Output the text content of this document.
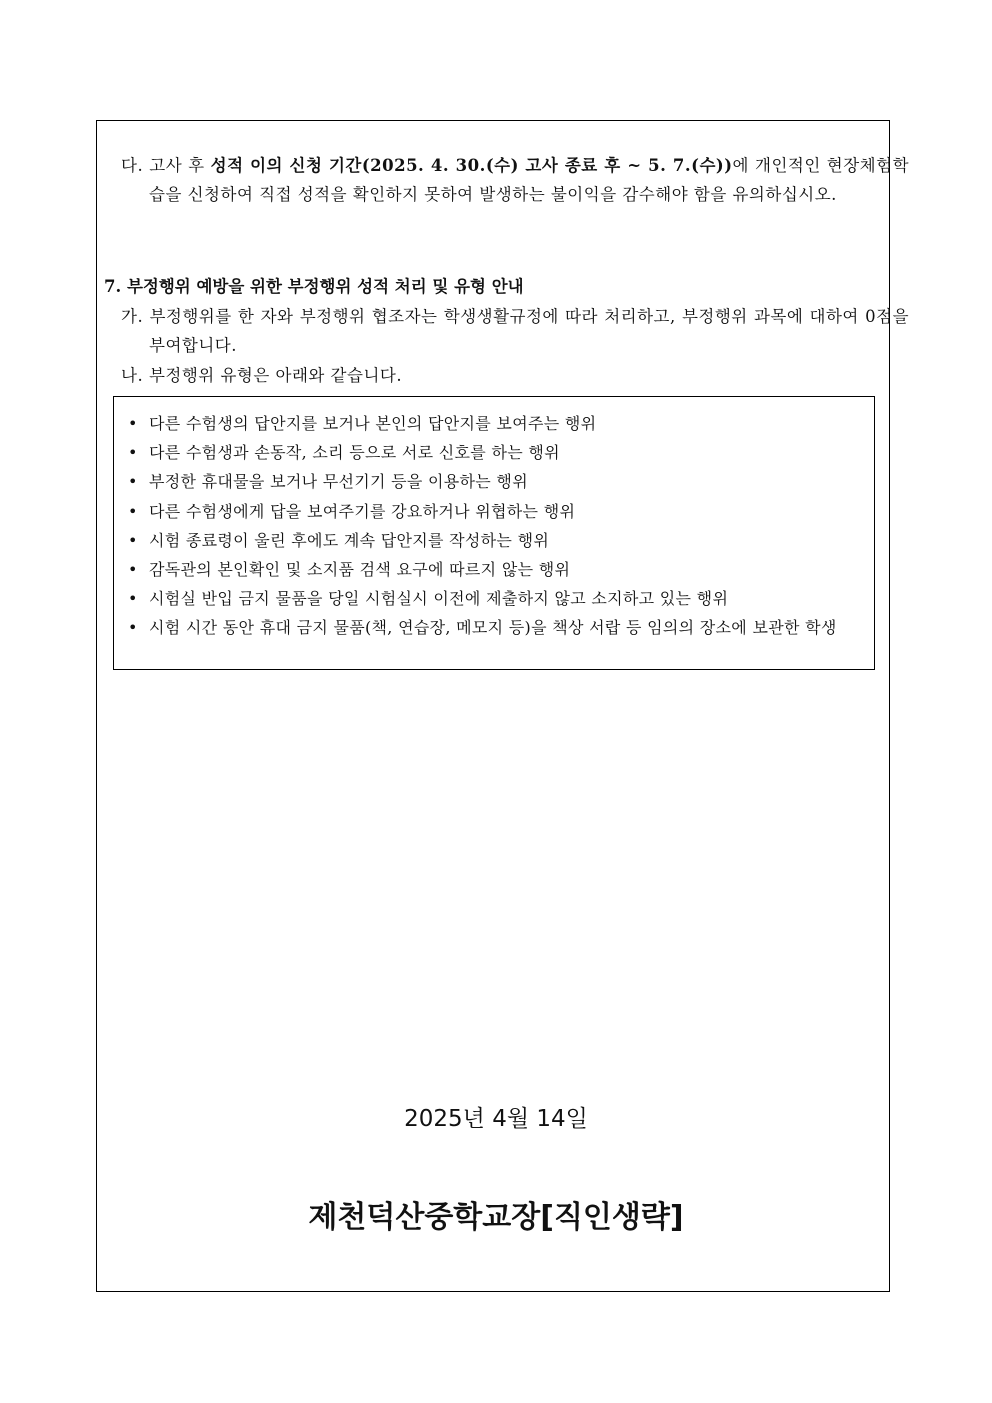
다. 고사 후 성적 이의 신청 기간(2025. 4. 30.(수) 고사 종료 후 ~ 5. 7.(수))에 개인적인 현장체험학습을 신청하여 직접 성적을 확인하지 못하여 발생하는 불이익을 감수해야 함을 유의하십시오.

7. 부정행위 예방을 위한 부정행위 성적 처리 및 유형 안내

가. 부정행위를 한 자와 부정행위 협조자는 학생생활규정에 따라 처리하고, 부정행위 과목에 대하여 0점을 부여합니다.

나. 부정행위 유형은 아래와 같습니다.

• 다른 수험생의 답안지를 보거나 본인의 답안지를 보여주는 행위
• 다른 수험생과 손동작, 소리 등으로 서로 신호를 하는 행위
• 부정한 휴대물을 보거나 무선기기 등을 이용하는 행위
• 다른 수험생에게 답을 보여주기를 강요하거나 위협하는 행위
• 시험 종료령이 울린 후에도 계속 답안지를 작성하는 행위
• 감독관의 본인확인 및 소지품 검색 요구에 따르지 않는 행위
• 시험실 반입 금지 물품을 당일 시험실시 이전에 제출하지 않고 소지하고 있는 행위
• 시험 시간 동안 휴대 금지 물품(책, 연습장, 메모지 등)을 책상 서랍 등 임의의 장소에 보관한 학생
2025년 4월 14일
제천덕산중학교장[직인생략]
